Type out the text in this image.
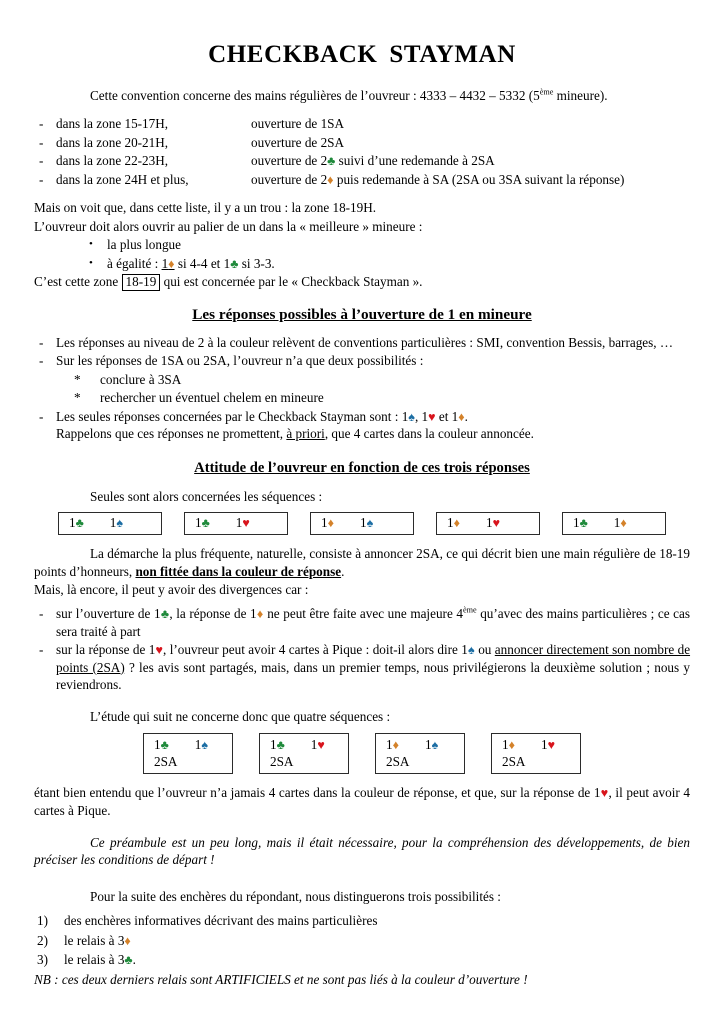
CHECKBACK STAYMAN

Cette convention concerne des mains régulières de l’ouvreur : 4333 – 4432 – 5332 (5ème mineure).

- dans la zone 15-17H,	ouverture de 1SA
- dans la zone 20-21H,	ouverture de 2SA
- dans la zone 22-23H,	ouverture de 2♣ suivi d’une redemande à 2SA
- dans la zone 24H et plus,	ouverture de 2♦ puis redemande à SA (2SA ou 3SA suivant la réponse)

Mais on voit que, dans cette liste, il y a un trou : la zone 18-19H.

L’ouvreur doit alors ouvrir au palier de un dans la « meilleure » mineure :

•	la plus longue
•	à égalité : 1♦ si 4-4 et 1♣ si 3-3.

C’est cette zone 18-19 qui est concernée par le « Checkback Stayman ».

Les réponses possibles à l’ouverture de 1 en mineure
- Les réponses au niveau de 2 à la couleur relèvent de conventions particulières : SMI, convention Bessis, barrages, …
- Sur les réponses de 1SA ou 2SA, l’ouvreur n’a que deux possibilités :
*	conclure à 3SA
*	rechercher un éventuel chelem en mineure
- Les seules réponses concernées par le Checkback Stayman sont : 1♠, 1♥ et 1♦.
Rappelons que ces réponses ne promettent, à priori, que 4 cartes dans la couleur annoncée.
Attitude de l’ouvreur en fonction de ces trois réponses

Seules sont alors concernées les séquences :

1♣ 1♠	1♣ 1♥	1♦ 1♠	1♦ 1♥	1♣ 1♦

La démarche la plus fréquente, naturelle, consiste à annoncer 2SA, ce qui décrit bien une main régulière de 18-19 points d’honneurs, non fittée dans la couleur de réponse.

Mais, là encore, il peut y avoir des divergences car :

- sur l’ouverture de 1♣, la réponse de 1♦ ne peut être faite avec une majeure 4ème qu’avec des mains particulières ; ce cas sera traité à part
- sur la réponse de 1♥, l’ouvreur peut avoir 4 cartes à Pique : doit-il alors dire 1♠ ou annoncer directement son nombre de points (2SA) ? les avis sont partagés, mais, dans un premier temps, nous privilégierons la deuxième solution ; nous y reviendrons.

L’étude qui suit ne concerne donc que quatre séquences :

1♣ 1♠
2SA
1♣ 1♥
2SA
1♦ 1♠
2SA
1♦ 1♥
2SA

étant bien entendu que l’ouvreur n’a jamais 4 cartes dans la couleur de réponse, et que, sur la réponse de 1♥, il peut avoir 4 cartes à Pique.

Ce préambule est un peu long, mais il était nécessaire, pour la compréhension des développements, de bien préciser les conditions de départ !

Pour la suite des enchères du répondant, nous distinguerons trois possibilités :

1)	des enchères informatives décrivant des mains particulières
2)	le relais à 3♦
3)	le relais à 3♣.

NB : ces deux derniers relais sont ARTIFICIELS et ne sont pas liés à la couleur d’ouverture !
